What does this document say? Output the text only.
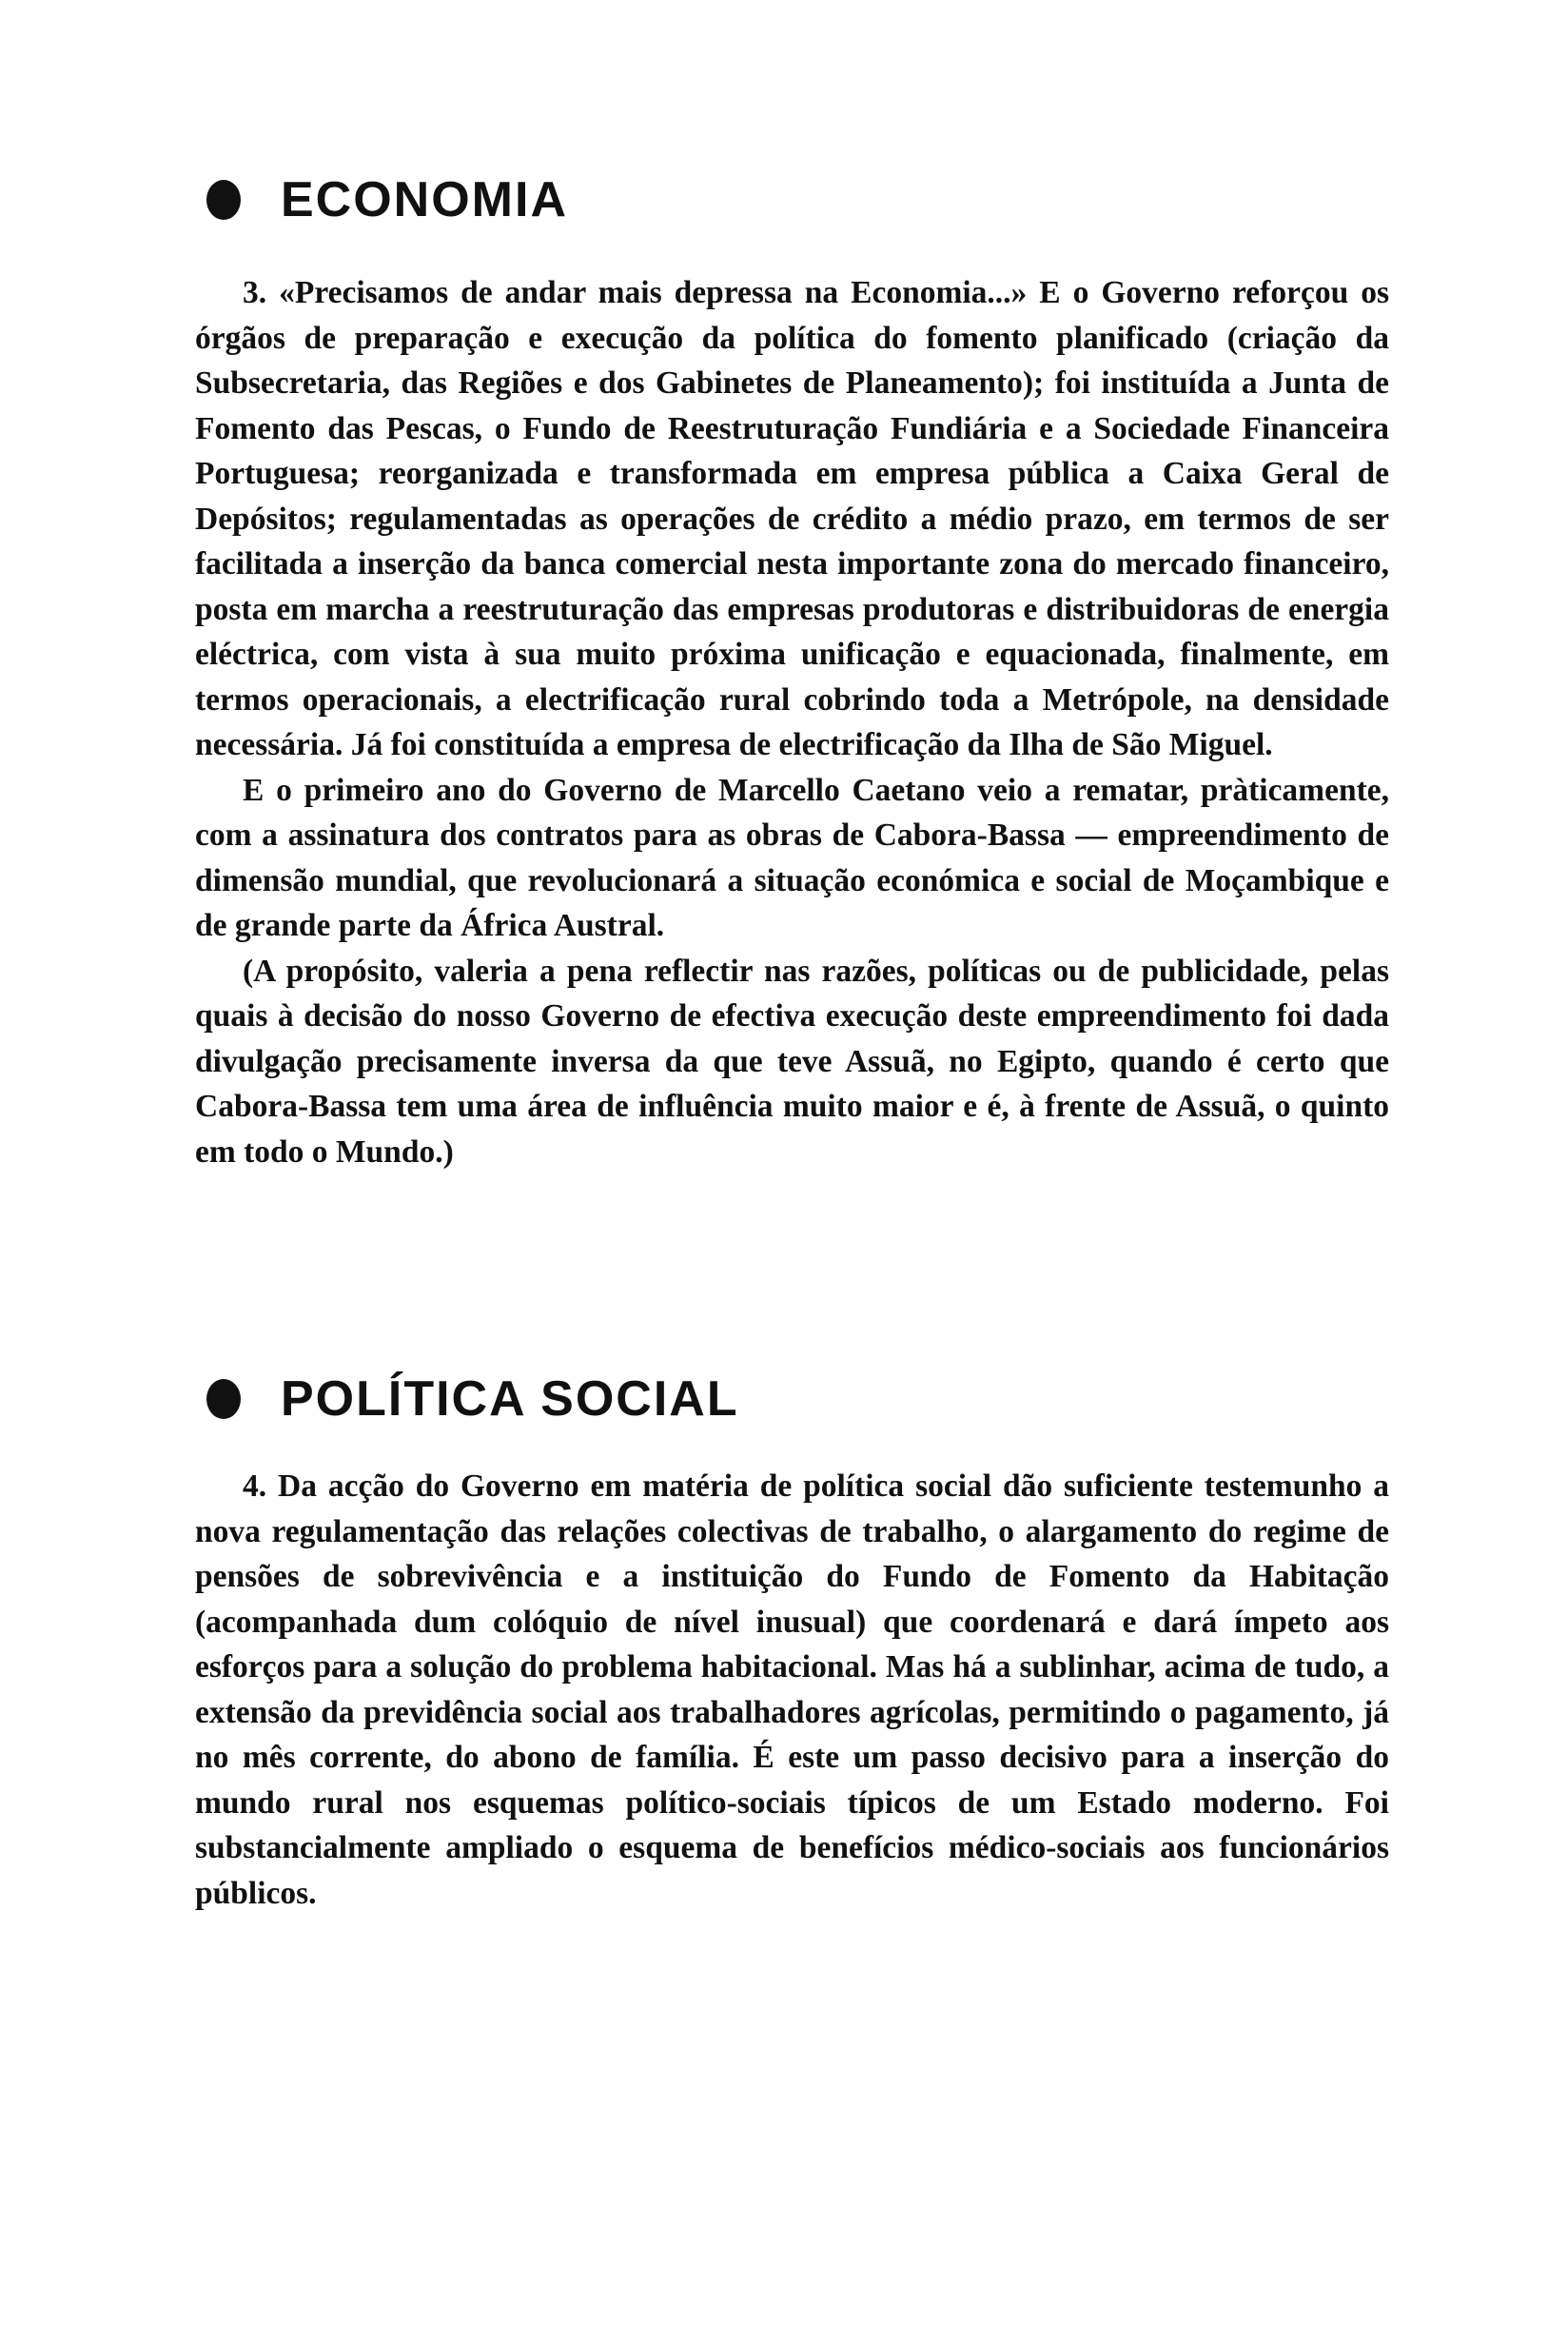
ECONOMIA

3. «Precisamos de andar mais depressa na Economia...» E o Governo reforçou os órgãos de preparação e execução da política do fomento planificado (criação da Subsecretaria, das Regiões e dos Gabinetes de Planeamento); foi instituída a Junta de Fomento das Pescas, o Fundo de Reestruturação Fundiária e a Sociedade Financeira Portuguesa; reorganizada e transformada em empresa pública a Caixa Geral de Depósitos; regulamentadas as operações de crédito a médio prazo, em termos de ser facilitada a inserção da banca comercial nesta importante zona do mercado financeiro, posta em marcha a reestruturação das empresas produtoras e distribuidoras de energia eléctrica, com vista à sua muito próxima unificação e equacionada, finalmente, em termos operacionais, a electrificação rural cobrindo toda a Metrópole, na densidade necessária. Já foi constituída a empresa de electrificação da Ilha de São Miguel.

E o primeiro ano do Governo de Marcello Caetano veio a rematar, pràticamente, com a assinatura dos contratos para as obras de Cabora-Bassa — empreendimento de dimensão mundial, que revolucionará a situação económica e social de Moçambique e de grande parte da África Austral.

(A propósito, valeria a pena reflectir nas razões, políticas ou de publicidade, pelas quais à decisão do nosso Governo de efectiva execução deste empreendimento foi dada divulgação precisamente inversa da que teve Assuã, no Egipto, quando é certo que Cabora-Bassa tem uma área de influência muito maior e é, à frente de Assuã, o quinto em todo o Mundo.)

POLÍTICA SOCIAL

4. Da acção do Governo em matéria de política social dão suficiente testemunho a nova regulamentação das relações colectivas de trabalho, o alargamento do regime de pensões de sobrevivência e a instituição do Fundo de Fomento da Habitação (acompanhada dum colóquio de nível inusual) que coordenará e dará ímpeto aos esforços para a solução do problema habitacional. Mas há a sublinhar, acima de tudo, a extensão da previdência social aos trabalhadores agrícolas, permitindo o pagamento, já no mês corrente, do abono de família. É este um passo decisivo para a inserção do mundo rural nos esquemas político-sociais típicos de um Estado moderno. Foi substancialmente ampliado o esquema de benefícios médico-sociais aos funcionários públicos.
